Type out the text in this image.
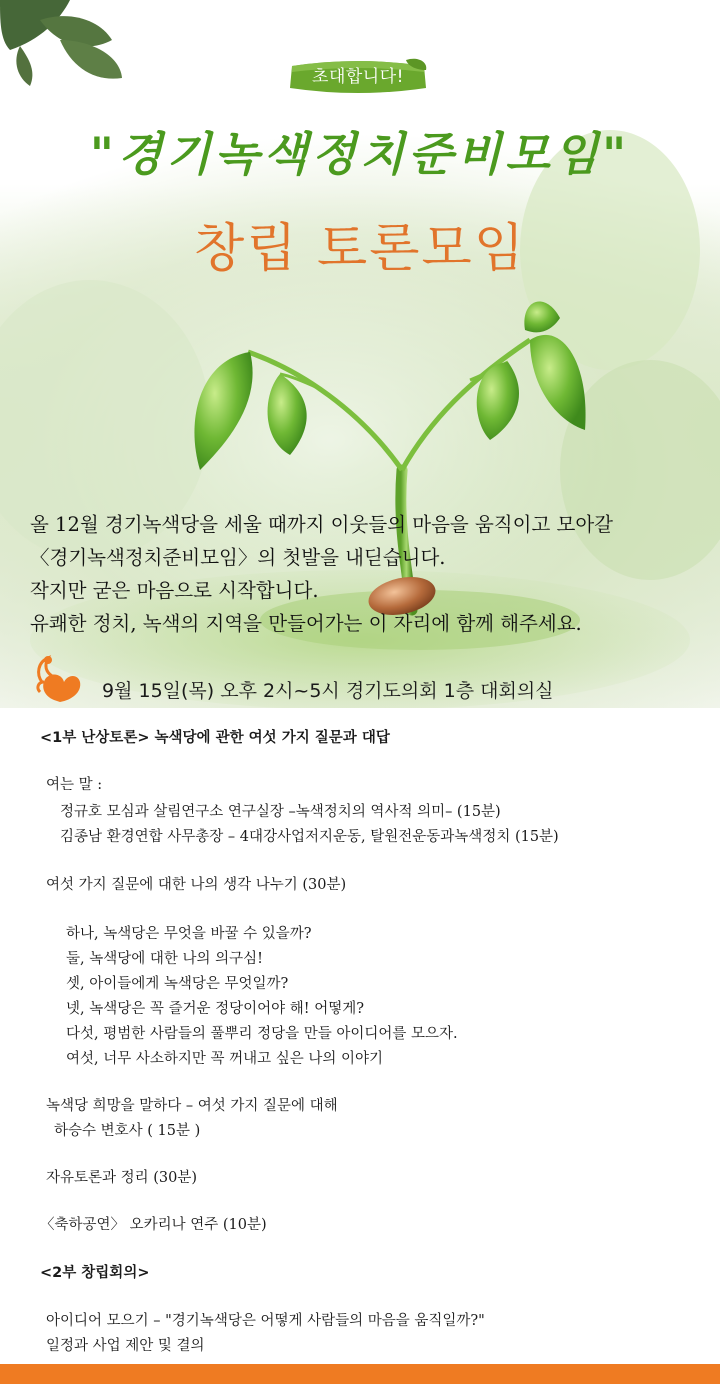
초대합니다!
"경기녹색정치준비모임"
창립 토론모임
올 12월 경기녹색당을 세울 때까지 이웃들의 마음을 움직이고 모아갈
〈경기녹색정치준비모임〉의 첫발을 내딛습니다.
작지만 굳은 마음으로 시작합니다.
유쾌한 정치, 녹색의 지역을 만들어가는 이 자리에 함께 해주세요.
9월 15일(목) 오후 2시~5시 경기도의회 1층 대회의실
<1부 난상토론> 녹색당에 관한 여섯 가지 질문과 대답
여는 말 :
정규호 모심과 살림연구소 연구실장 –녹색정치의 역사적 의미– (15분)
김종남 환경연합 사무총장 – 4대강사업저지운동, 탈원전운동과녹색정치 (15분)
여섯 가지 질문에 대한 나의 생각 나누기 (30분)
하나, 녹색당은 무엇을 바꿀 수 있을까?
둘, 녹색당에 대한 나의 의구심!
셋, 아이들에게 녹색당은 무엇일까?
넷, 녹색당은 꼭 즐거운 정당이어야 해! 어떻게?
다섯, 평범한 사람들의 풀뿌리 정당을 만들 아이디어를 모으자.
여섯, 너무 사소하지만 꼭 꺼내고 싶은 나의 이야기
녹색당 희망을 말하다 – 여섯 가지 질문에 대해
하승수 변호사 ( 15분 )
자유토론과 정리 (30분)
〈축하공연〉 오카리나 연주 (10분)
<2부 창립회의>
아이디어 모으기 – "경기녹색당은 어떻게 사람들의 마음을 움직일까?"
일정과 사업 제안 및 결의
